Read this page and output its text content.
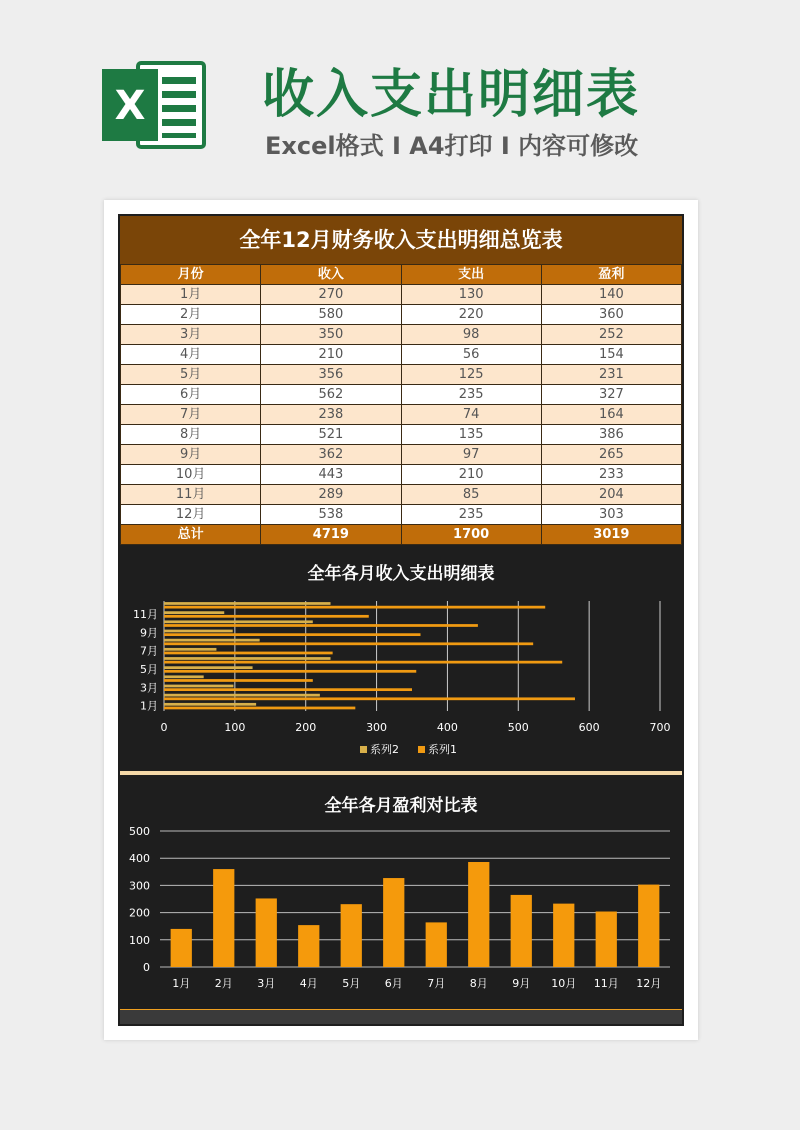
X 收入支出明细表
Excel格式 I A4打印 I 内容可修改
全年12月财务收入支出明细总览表
月份	收入	支出	盈利
1月	270	130	140
2月	580	220	360
3月	350	98	252
4月	210	56	154
5月	356	125	231
6月	562	235	327
7月	238	74	164
8月	521	135	386
9月	362	97	265
10月	443	210	233
11月	289	85	204
12月	538	235	303
总计	4719	1700	3019
全年各月收入支出明细表
0	100	200	300	400	500	600	700
1月
3月
5月
7月
9月
11月
系列2	系列1
全年各月盈利对比表
0
100
200
300
400
500
1月 2月 3月 4月 5月 6月 7月 8月 9月 10月 11月 12月
